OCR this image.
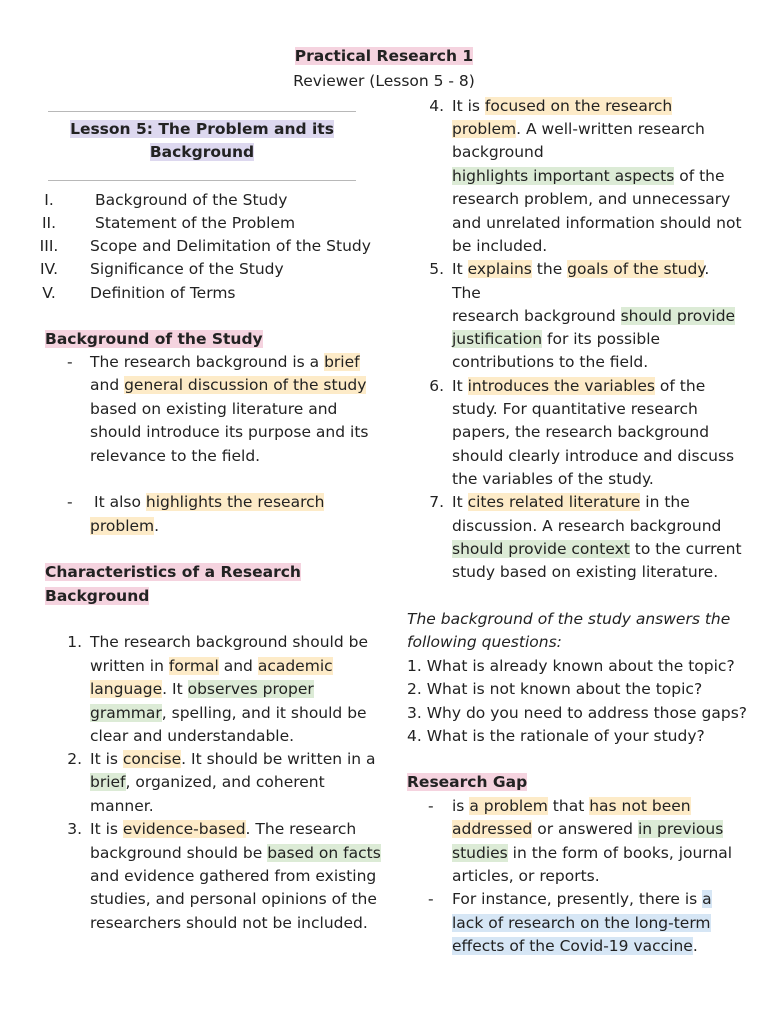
Practical Research 1
Reviewer (Lesson 5 - 8)
Lesson 5: The Problem and its
Background
I.	Background of the Study
II.	Statement of the Problem
III.	Scope and Delimitation of the Study
IV.	Significance of the Study
V.	Definition of Terms
Background of the Study
- The research background is a brief
and general discussion of the study
based on existing literature and
should introduce its purpose and its
relevance to the field.
- It also highlights the research
problem.
Characteristics of a Research
Background
1. The research background should be
written in formal and academic
language. It observes proper
grammar, spelling, and it should be
clear and understandable.
2. It is concise. It should be written in a
brief, organized, and coherent
manner.
3. It is evidence-based. The research
background should be based on facts
and evidence gathered from existing
studies, and personal opinions of the
researchers should not be included.
4. It is focused on the research
problem. A well-written research
background
highlights important aspects of the
research problem, and unnecessary
and unrelated information should not
be included.
5. It explains the goals of the study.
The
research background should provide
justification for its possible
contributions to the field.
6. It introduces the variables of the
study. For quantitative research
papers, the research background
should clearly introduce and discuss
the variables of the study.
7. It cites related literature in the
discussion. A research background
should provide context to the current
study based on existing literature.
The background of the study answers the
following questions:
1. What is already known about the topic?
2. What is not known about the topic?
3. Why do you need to address those gaps?
4. What is the rationale of your study?
Research Gap
- is a problem that has not been
addressed or answered in previous
studies in the form of books, journal
articles, or reports.
- For instance, presently, there is a
lack of research on the long-term
effects of the Covid-19 vaccine.
